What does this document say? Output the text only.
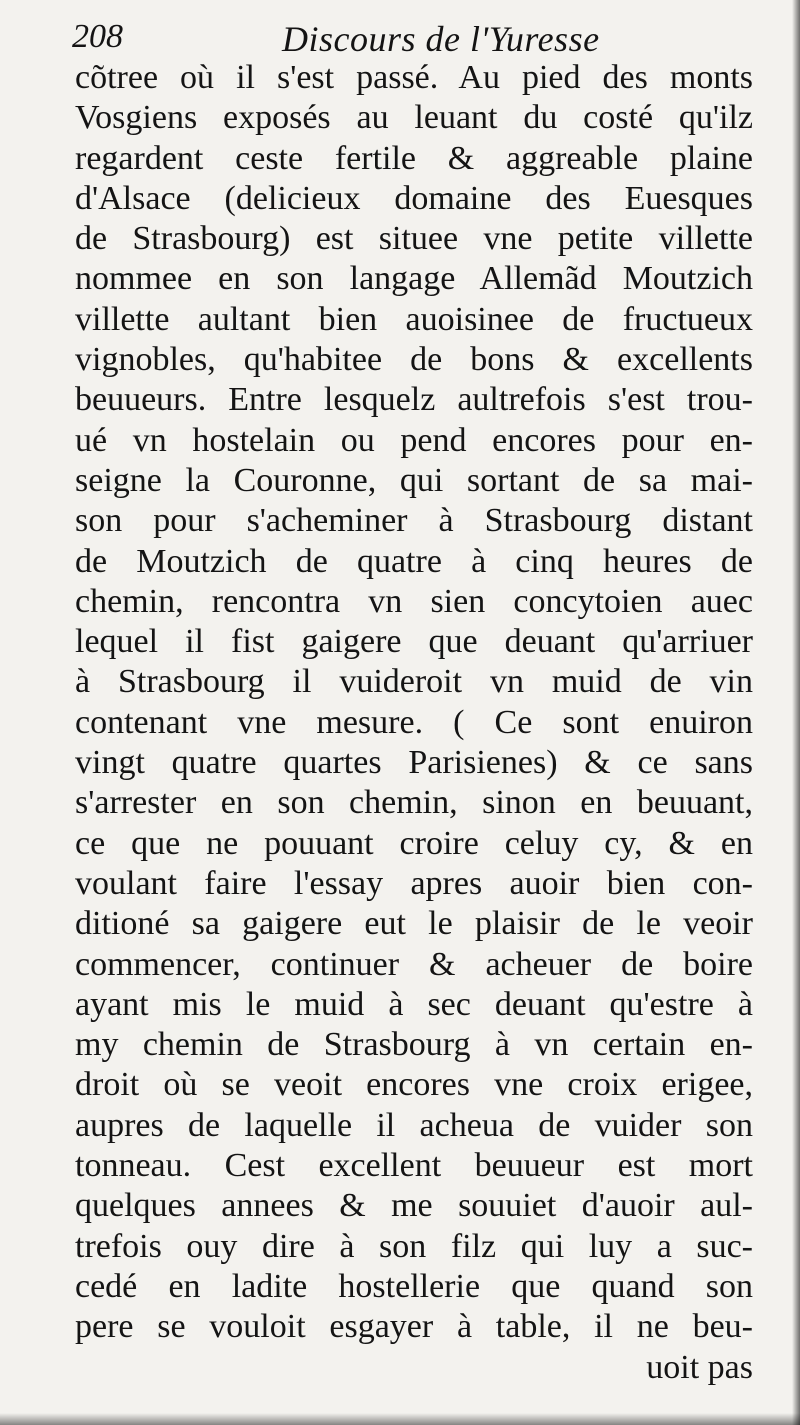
208	Discours de l'Yuresse
cõtree où il s'est passé. Au pied des monts
Vosgiens exposés au leuant du costé qu'ilz
regardent ceste fertile & aggreable plaine
d'Alsace (delicieux domaine des Euesques
de Strasbourg) est situee vne petite villette
nommee en son langage Allemãd Moutzich
villette aultant bien auoisinee de fructueux
vignobles, qu'habitee de bons & excellents
beuueurs. Entre lesquelz aultrefois s'est trou-
ué vn hostelain ou pend encores pour en-
seigne la Couronne, qui sortant de sa mai-
son pour s'acheminer à Strasbourg distant
de Moutzich de quatre à cinq heures de
chemin, rencontra vn sien concytoien auec
lequel il fist gaigere que deuant qu'arriuer
à Strasbourg il vuideroit vn muid de vin
contenant vne mesure. ( Ce sont enuiron
vingt quatre quartes Parisienes) & ce sans
s'arrester en son chemin, sinon en beuuant,
ce que ne pouuant croire celuy cy, & en
voulant faire l'essay apres auoir bien con-
ditioné sa gaigere eut le plaisir de le veoir
commencer, continuer & acheuer de boire
ayant mis le muid à sec deuant qu'estre à
my chemin de Strasbourg à vn certain en-
droit où se veoit encores vne croix erigee,
aupres de laquelle il acheua de vuider son
tonneau. Cest excellent beuueur est mort
quelques annees & me souuiet d'auoir aul-
trefois ouy dire à son filz qui luy a suc-
cedé en ladite hostellerie que quand son
pere se vouloit esgayer à table, il ne beu-
uoit pas
